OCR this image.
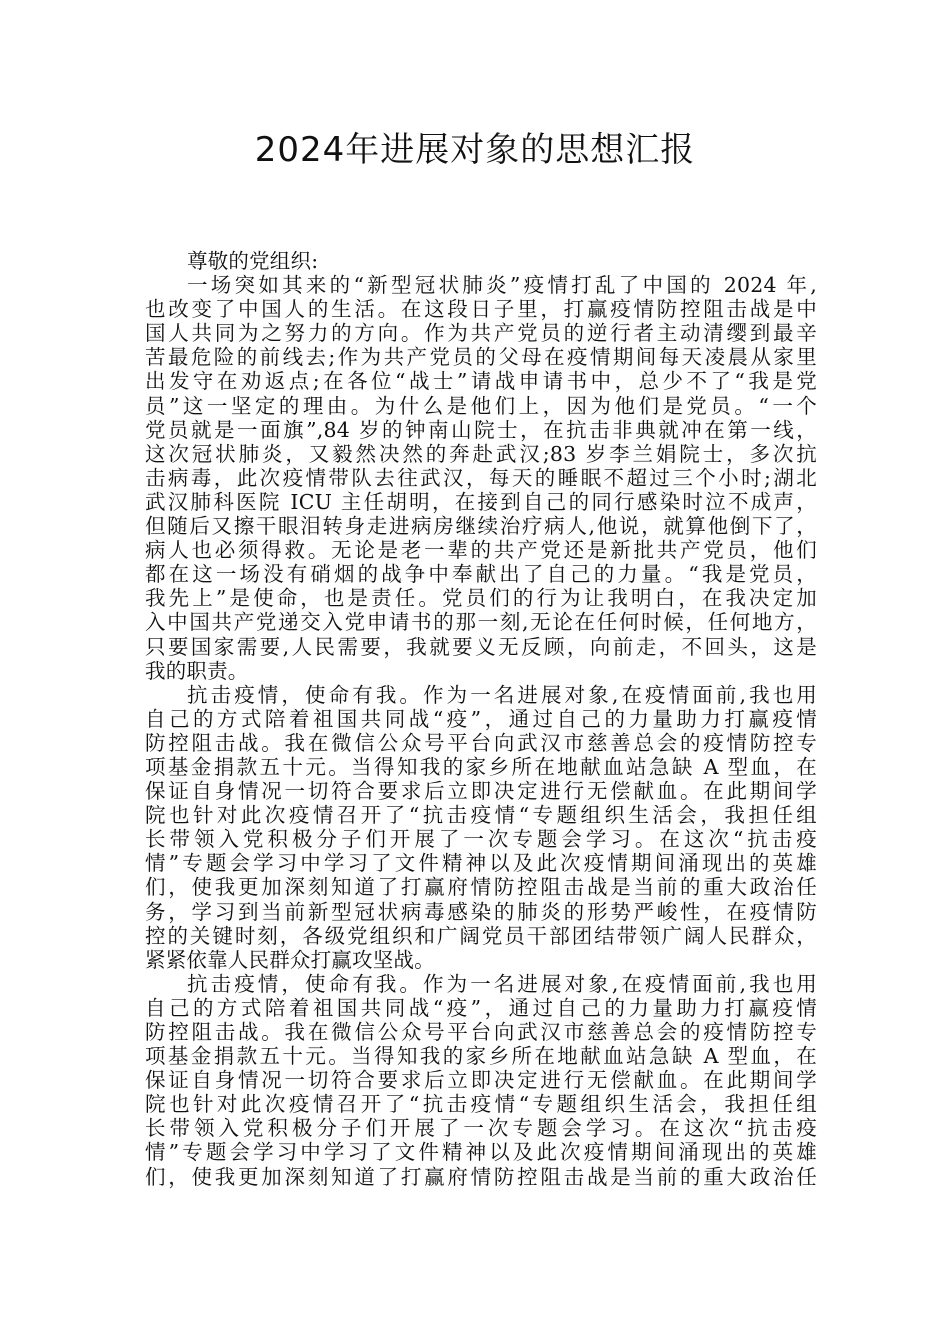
2024年进展对象的思想汇报
尊敬的党组织:
一场突如其来的“新型冠状肺炎”疫情打乱了中国的 2024 年,
也改变了中国人的生活。在这段日子里，打赢疫情防控阻击战是中
国人共同为之努力的方向。作为共产党员的逆行者主动清缨到最辛
苦最危险的前线去;作为共产党员的父母在疫情期间每天凌晨从家里
出发守在劝返点;在各位“战士”请战申请书中，总少不了“我是党
员”这一坚定的理由。为什么是他们上，因为他们是党员。“一个
党员就是一面旗”,84 岁的钟南山院士，在抗击非典就冲在第一线，
这次冠状肺炎，又毅然决然的奔赴武汉;83 岁李兰娟院士，多次抗
击病毒，此次疫情带队去往武汉，每天的睡眠不超过三个小时;湖北
武汉肺科医院 ICU 主任胡明，在接到自己的同行感染时泣不成声，
但随后又擦干眼泪转身走进病房继续治疗病人,他说，就算他倒下了，
病人也必须得救。无论是老一辈的共产党还是新批共产党员，他们
都在这一场没有硝烟的战争中奉献出了自己的力量。“我是党员，
我先上”是使命，也是责任。党员们的行为让我明白，在我决定加
入中国共产党递交入党申请书的那一刻,无论在任何时候，任何地方，
只要国家需要,人民需要，我就要义无反顾，向前走，不回头，这是
我的职责。
抗击疫情，使命有我。作为一名进展对象,在疫情面前,我也用
自己的方式陪着祖国共同战“疫”，通过自己的力量助力打赢疫情
防控阻击战。我在微信公众号平台向武汉市慈善总会的疫情防控专
项基金捐款五十元。当得知我的家乡所在地献血站急缺 A 型血，在
保证自身情况一切符合要求后立即决定进行无偿献血。在此期间学
院也针对此次疫情召开了“抗击疫情“专题组织生活会，我担任组
长带领入党积极分子们开展了一次专题会学习。在这次“抗击疫
情”专题会学习中学习了文件精神以及此次疫情期间涌现出的英雄
们，使我更加深刻知道了打赢府情防控阻击战是当前的重大政治任
务，学习到当前新型冠状病毒感染的肺炎的形势严峻性，在疫情防
控的关键时刻，各级党组织和广阔党员干部团结带领广阔人民群众，
紧紧依靠人民群众打赢攻坚战。
抗击疫情，使命有我。作为一名进展对象,在疫情面前,我也用
自己的方式陪着祖国共同战“疫”，通过自己的力量助力打赢疫情
防控阻击战。我在微信公众号平台向武汉市慈善总会的疫情防控专
项基金捐款五十元。当得知我的家乡所在地献血站急缺 A 型血，在
保证自身情况一切符合要求后立即决定进行无偿献血。在此期间学
院也针对此次疫情召开了“抗击疫情“专题组织生活会，我担任组
长带领入党积极分子们开展了一次专题会学习。在这次“抗击疫
情”专题会学习中学习了文件精神以及此次疫情期间涌现出的英雄
们，使我更加深刻知道了打赢府情防控阻击战是当前的重大政治任
